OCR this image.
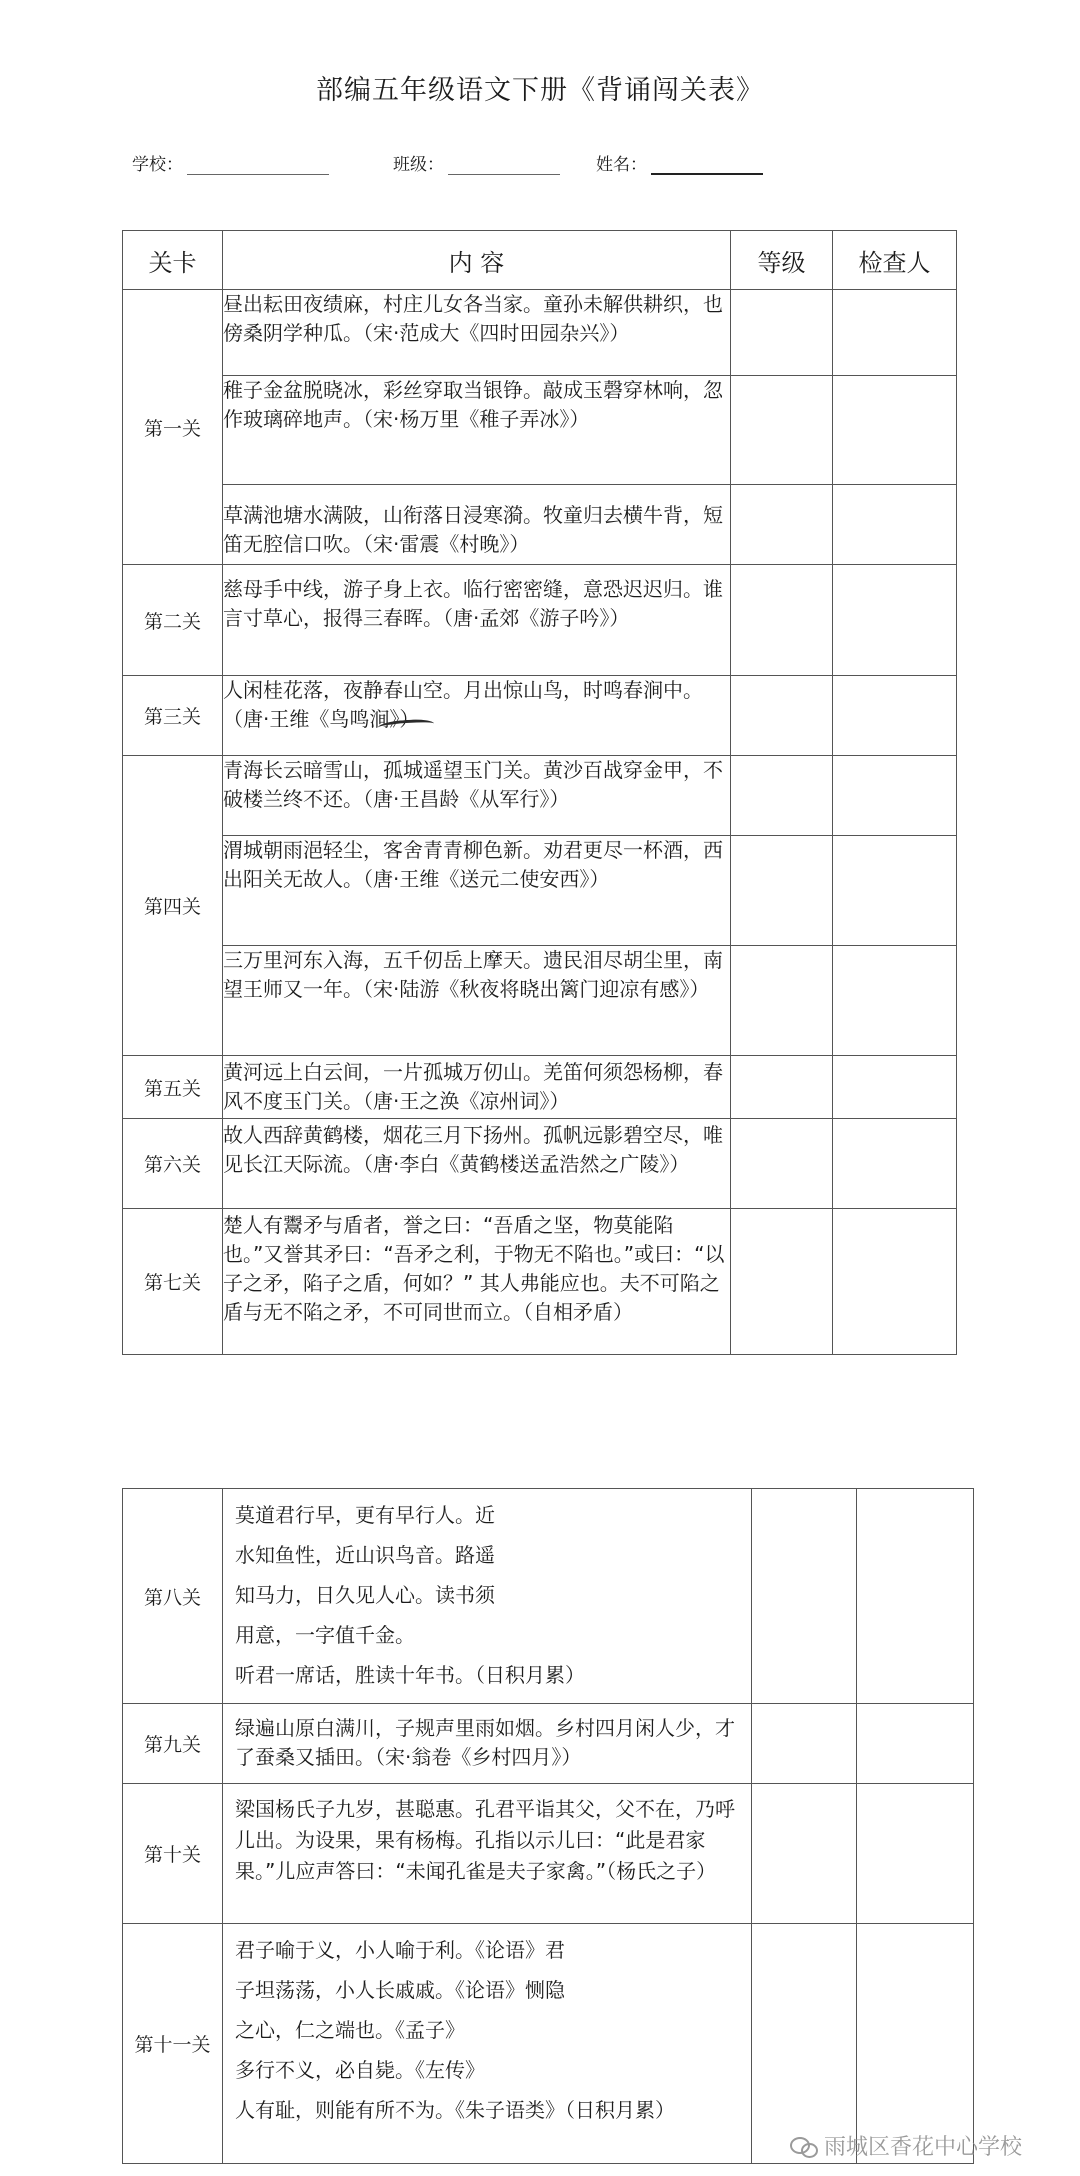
部编五年级语文下册《背诵闯关表》
学校：	班级：	姓名：
关卡	内 容	等级	检查人
第一关	昼出耘田夜绩麻，村庄儿女各当家。童孙未解供耕织，也傍桑阴学种瓜。（宋·范成大《四时田园杂兴》）		
	稚子金盆脱晓冰，彩丝穿取当银铮。敲成玉磬穿林响，忽作玻璃碎地声。（宋·杨万里《稚子弄冰》）		
	草满池塘水满陂，山衔落日浸寒漪。牧童归去横牛背，短笛无腔信口吹。（宋·雷震《村晚》）		
第二关	慈母手中线，游子身上衣。临行密密缝，意恐迟迟归。谁言寸草心，报得三春晖。（唐·孟郊《游子吟》）		
第三关	人闲桂花落，夜静春山空。月出惊山鸟，时鸣春涧中。（唐·王维《鸟鸣涧》）		
第四关	青海长云暗雪山，孤城遥望玉门关。黄沙百战穿金甲，不破楼兰终不还。（唐·王昌龄《从军行》）		
	渭城朝雨浥轻尘，客舍青青柳色新。劝君更尽一杯酒，西出阳关无故人。（唐·王维《送元二使安西》）		
	三万里河东入海，五千仞岳上摩天。遗民泪尽胡尘里，南望王师又一年。（宋·陆游《秋夜将晓出篱门迎凉有感》）		
第五关	黄河远上白云间，一片孤城万仞山。羌笛何须怨杨柳，春风不度玉门关。（唐·王之涣《凉州词》）		
第六关	故人西辞黄鹤楼，烟花三月下扬州。孤帆远影碧空尽，唯见长江天际流。（唐·李白《黄鹤楼送孟浩然之广陵》）		
第七关	楚人有鬻矛与盾者，誉之曰：“吾盾之坚，物莫能陷也。”又誉其矛曰：“吾矛之利，于物无不陷也。”或曰：“以子之矛，陷子之盾，何如？” 其人弗能应也。夫不可陷之盾与无不陷之矛，不可同世而立。（自相矛盾）		
第八关	莫道君行早，更有早行人。近
水知鱼性，近山识鸟音。路遥
知马力，日久见人心。读书须
用意，一字值千金。
听君一席话，胜读十年书。（日积月累）		

第九关	绿遍山原白满川，子规声里雨如烟。乡村四月闲人少，才了蚕桑又插田。（宋·翁卷《乡村四月》）		
第十关	梁国杨氏子九岁，甚聪惠。孔君平诣其父，父不在，乃呼儿出。为设果，果有杨梅。孔指以示儿曰：“此是君家果。”儿应声答曰：“未闻孔雀是夫子家禽。”（杨氏之子）		
第十一关	君子喻于义，小人喻于利。《论语》君
子坦荡荡，小人长戚戚。《论语》恻隐
之心，仁之端也。《孟子》
多行不义，必自毙。《左传》
人有耻，则能有所不为。《朱子语类》（日积月累）		

雨城区香花中心学校
